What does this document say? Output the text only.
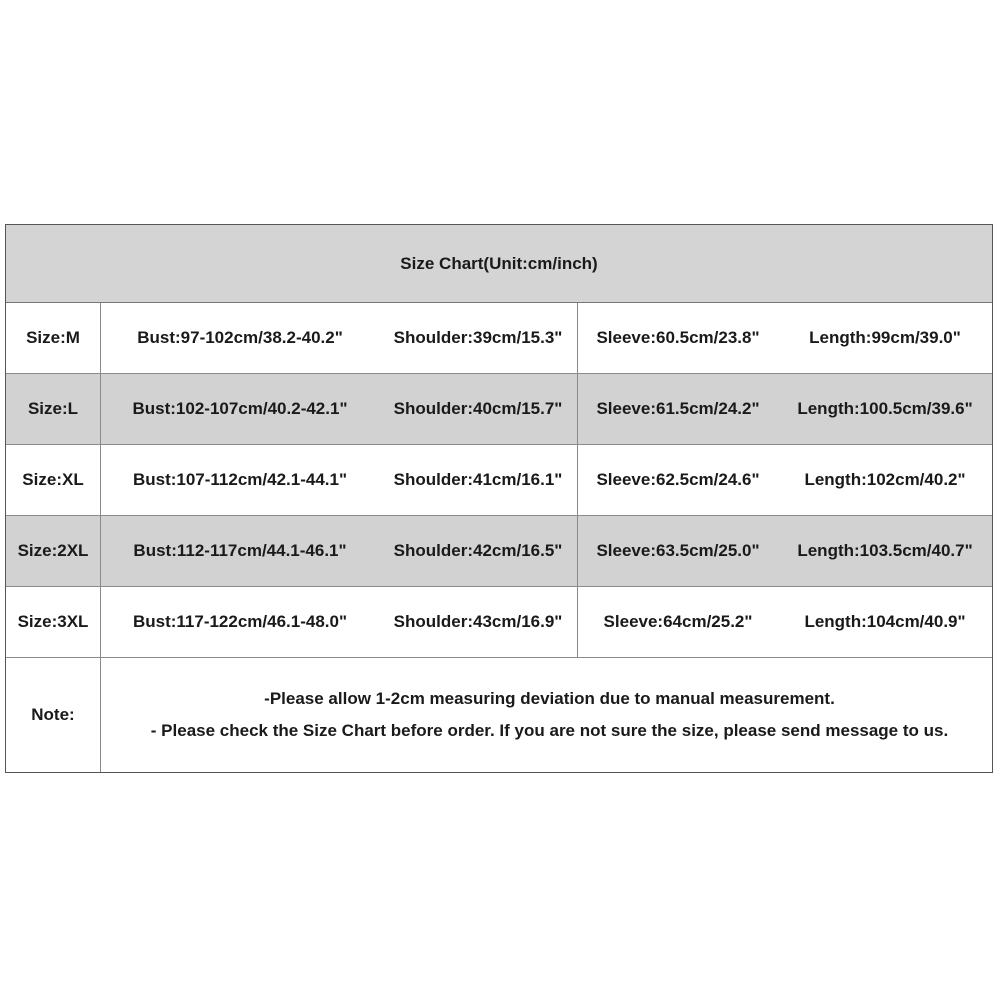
Size Chart(Unit:cm/inch)
Size:M	Bust:97-102cm/38.2-40.2"	Shoulder:39cm/15.3"	Sleeve:60.5cm/23.8"	Length:99cm/39.0"
Size:L	Bust:102-107cm/40.2-42.1"	Shoulder:40cm/15.7"	Sleeve:61.5cm/24.2"	Length:100.5cm/39.6"
Size:XL	Bust:107-112cm/42.1-44.1"	Shoulder:41cm/16.1"	Sleeve:62.5cm/24.6"	Length:102cm/40.2"
Size:2XL	Bust:112-117cm/44.1-46.1"	Shoulder:42cm/16.5"	Sleeve:63.5cm/25.0"	Length:103.5cm/40.7"
Size:3XL	Bust:117-122cm/46.1-48.0"	Shoulder:43cm/16.9"	Sleeve:64cm/25.2"	Length:104cm/40.9"
Note:
-Please allow 1-2cm measuring deviation due to manual measurement.
- Please check the Size Chart before order. If you are not sure the size, please send message to us.
